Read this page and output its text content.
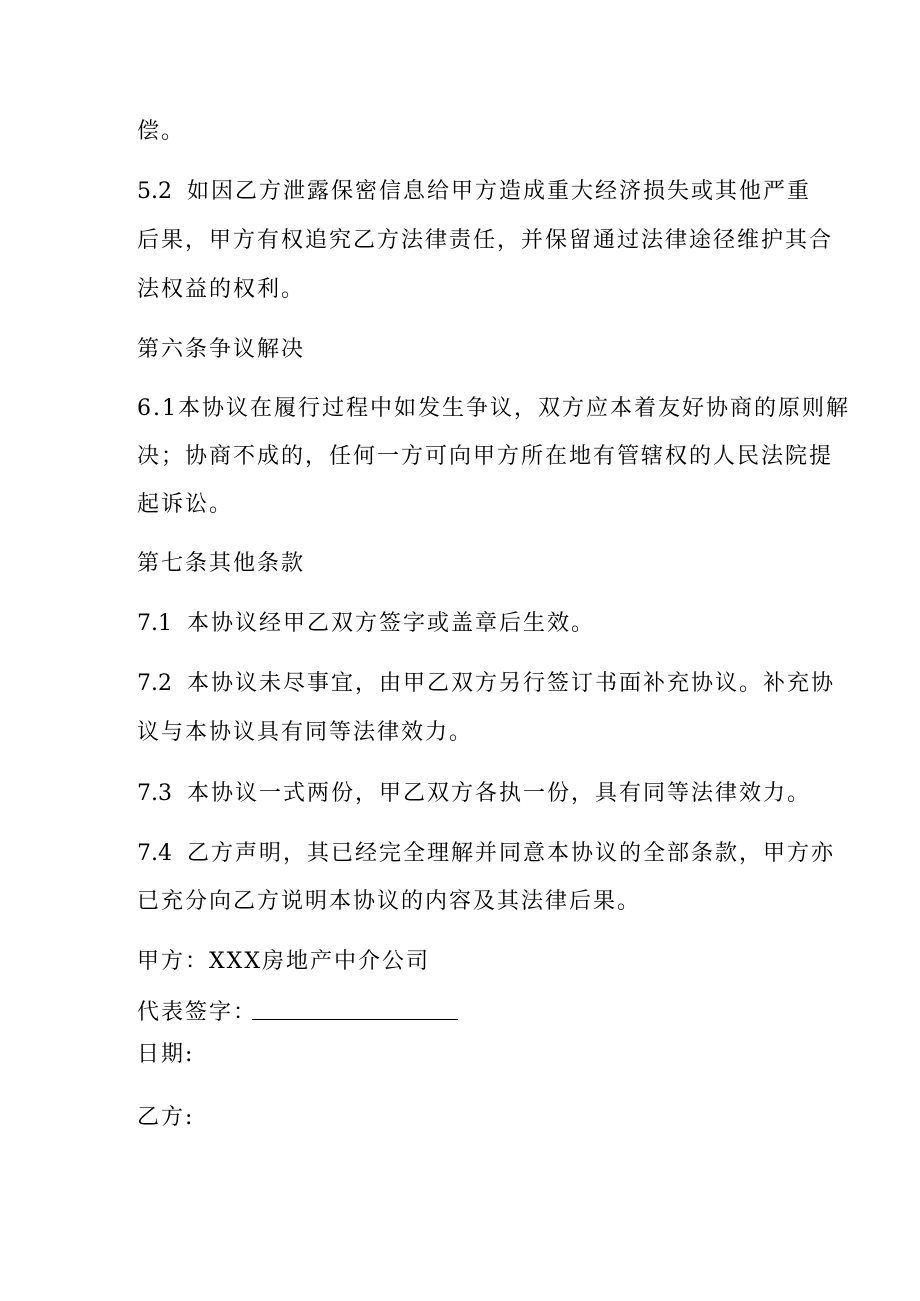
偿。
5.2 如因乙方泄露保密信息给甲方造成重大经济损失或其他严重
后果，甲方有权追究乙方法律责任，并保留通过法律途径维护其合
法权益的权利。
第六条争议解决
6.1本协议在履行过程中如发生争议，双方应本着友好协商的原则解
决；协商不成的，任何一方可向甲方所在地有管辖权的人民法院提
起诉讼。
第七条其他条款
7.1 本协议经甲乙双方签字或盖章后生效。
7.2 本协议未尽事宜，由甲乙双方另行签订书面补充协议。补充协
议与本协议具有同等法律效力。
7.3 本协议一式两份，甲乙双方各执一份，具有同等法律效力。
7.4 乙方声明，其已经完全理解并同意本协议的全部条款，甲方亦
已充分向乙方说明本协议的内容及其法律后果。
甲方：XXX房地产中介公司
代表签字：
日期:
乙方:
